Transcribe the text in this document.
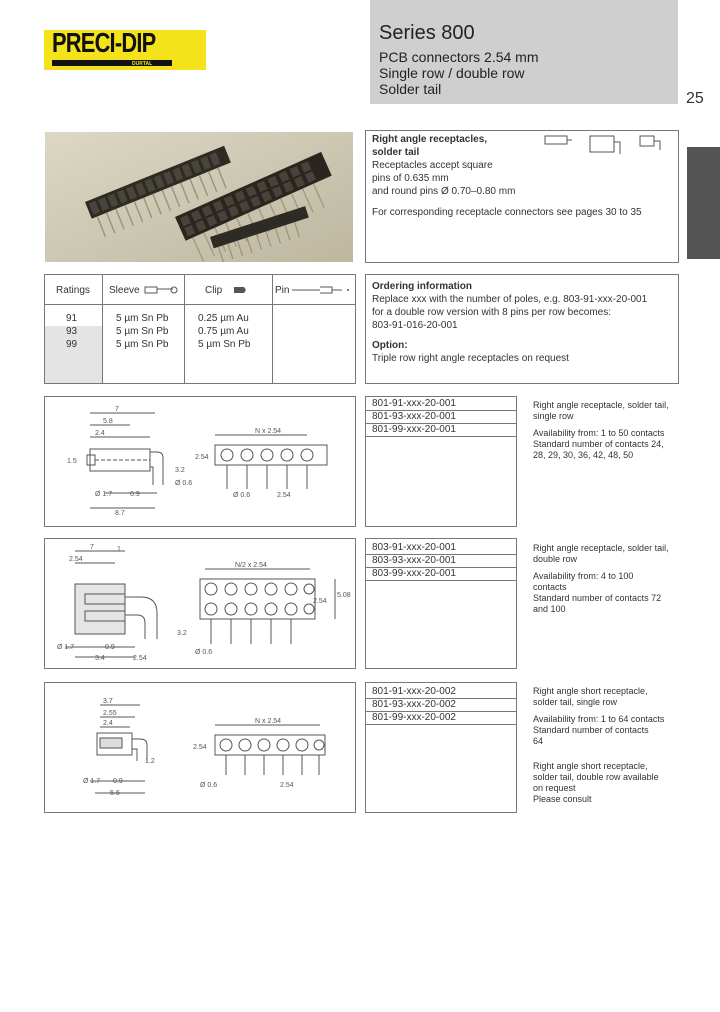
PRECI-DIP
DURTAL
Series 800
PCB connectors 2.54 mm
Single row / double row
Solder tail
25
Right angle receptacles,
solder tail
Receptacles accept square
pins of 0.635 mm
and round pins Ø 0.70–0.80 mm
For corresponding receptacle connectors see pages 30 to 35
Ratings Sleeve	Clip	Pin
91	5 µm Sn Pb	0.25 µm Au
93	5 µm Sn Pb	0.75 µm Au
99	5 µm Sn Pb	5 µm Sn Pb
Ordering information
Replace xxx with the number of poles, e.g. 803-91-xxx-20-001
for a double row version with 8 pins per row becomes:
803-91-016-20-001
Option:
Triple row right angle receptacles on request
7
5.8
2.4
1.5
Ø 1.7	0.9
3.2
Ø 0.6
8.7
N x 2.54
2.54
Ø 0.6	2.54
801-91-xxx-20-001
801-93-xxx-20-001
801-99-xxx-20-001
Right angle receptacle, solder tail,
single row
Availability from: 1 to 50 contacts
Standard number of contacts 24,
28, 29, 30, 36, 42, 48, 50
7	1
2.54
Ø 1.7	0.9
3.4	2.54
N/2 x 2.54
2.54
5.08
Ø 0.6
3.2
803-91-xxx-20-001
803-93-xxx-20-001
803-99-xxx-20-001
Right angle receptacle, solder tail,
double row
Availability from: 4 to 100
contacts
Standard number of contacts 72
and 100
3.7
2.55
2.4
Ø 1.7 0.9
1.2
5.6
N x 2.54
2.54
Ø 0.6	2.54
801-91-xxx-20-002
801-93-xxx-20-002
801-99-xxx-20-002
Right angle short receptacle,
solder tail, single row
Availability from: 1 to 64 contacts
Standard number of contacts
64
Right angle short receptacle,
solder tail, double row available
on request
Please consult
